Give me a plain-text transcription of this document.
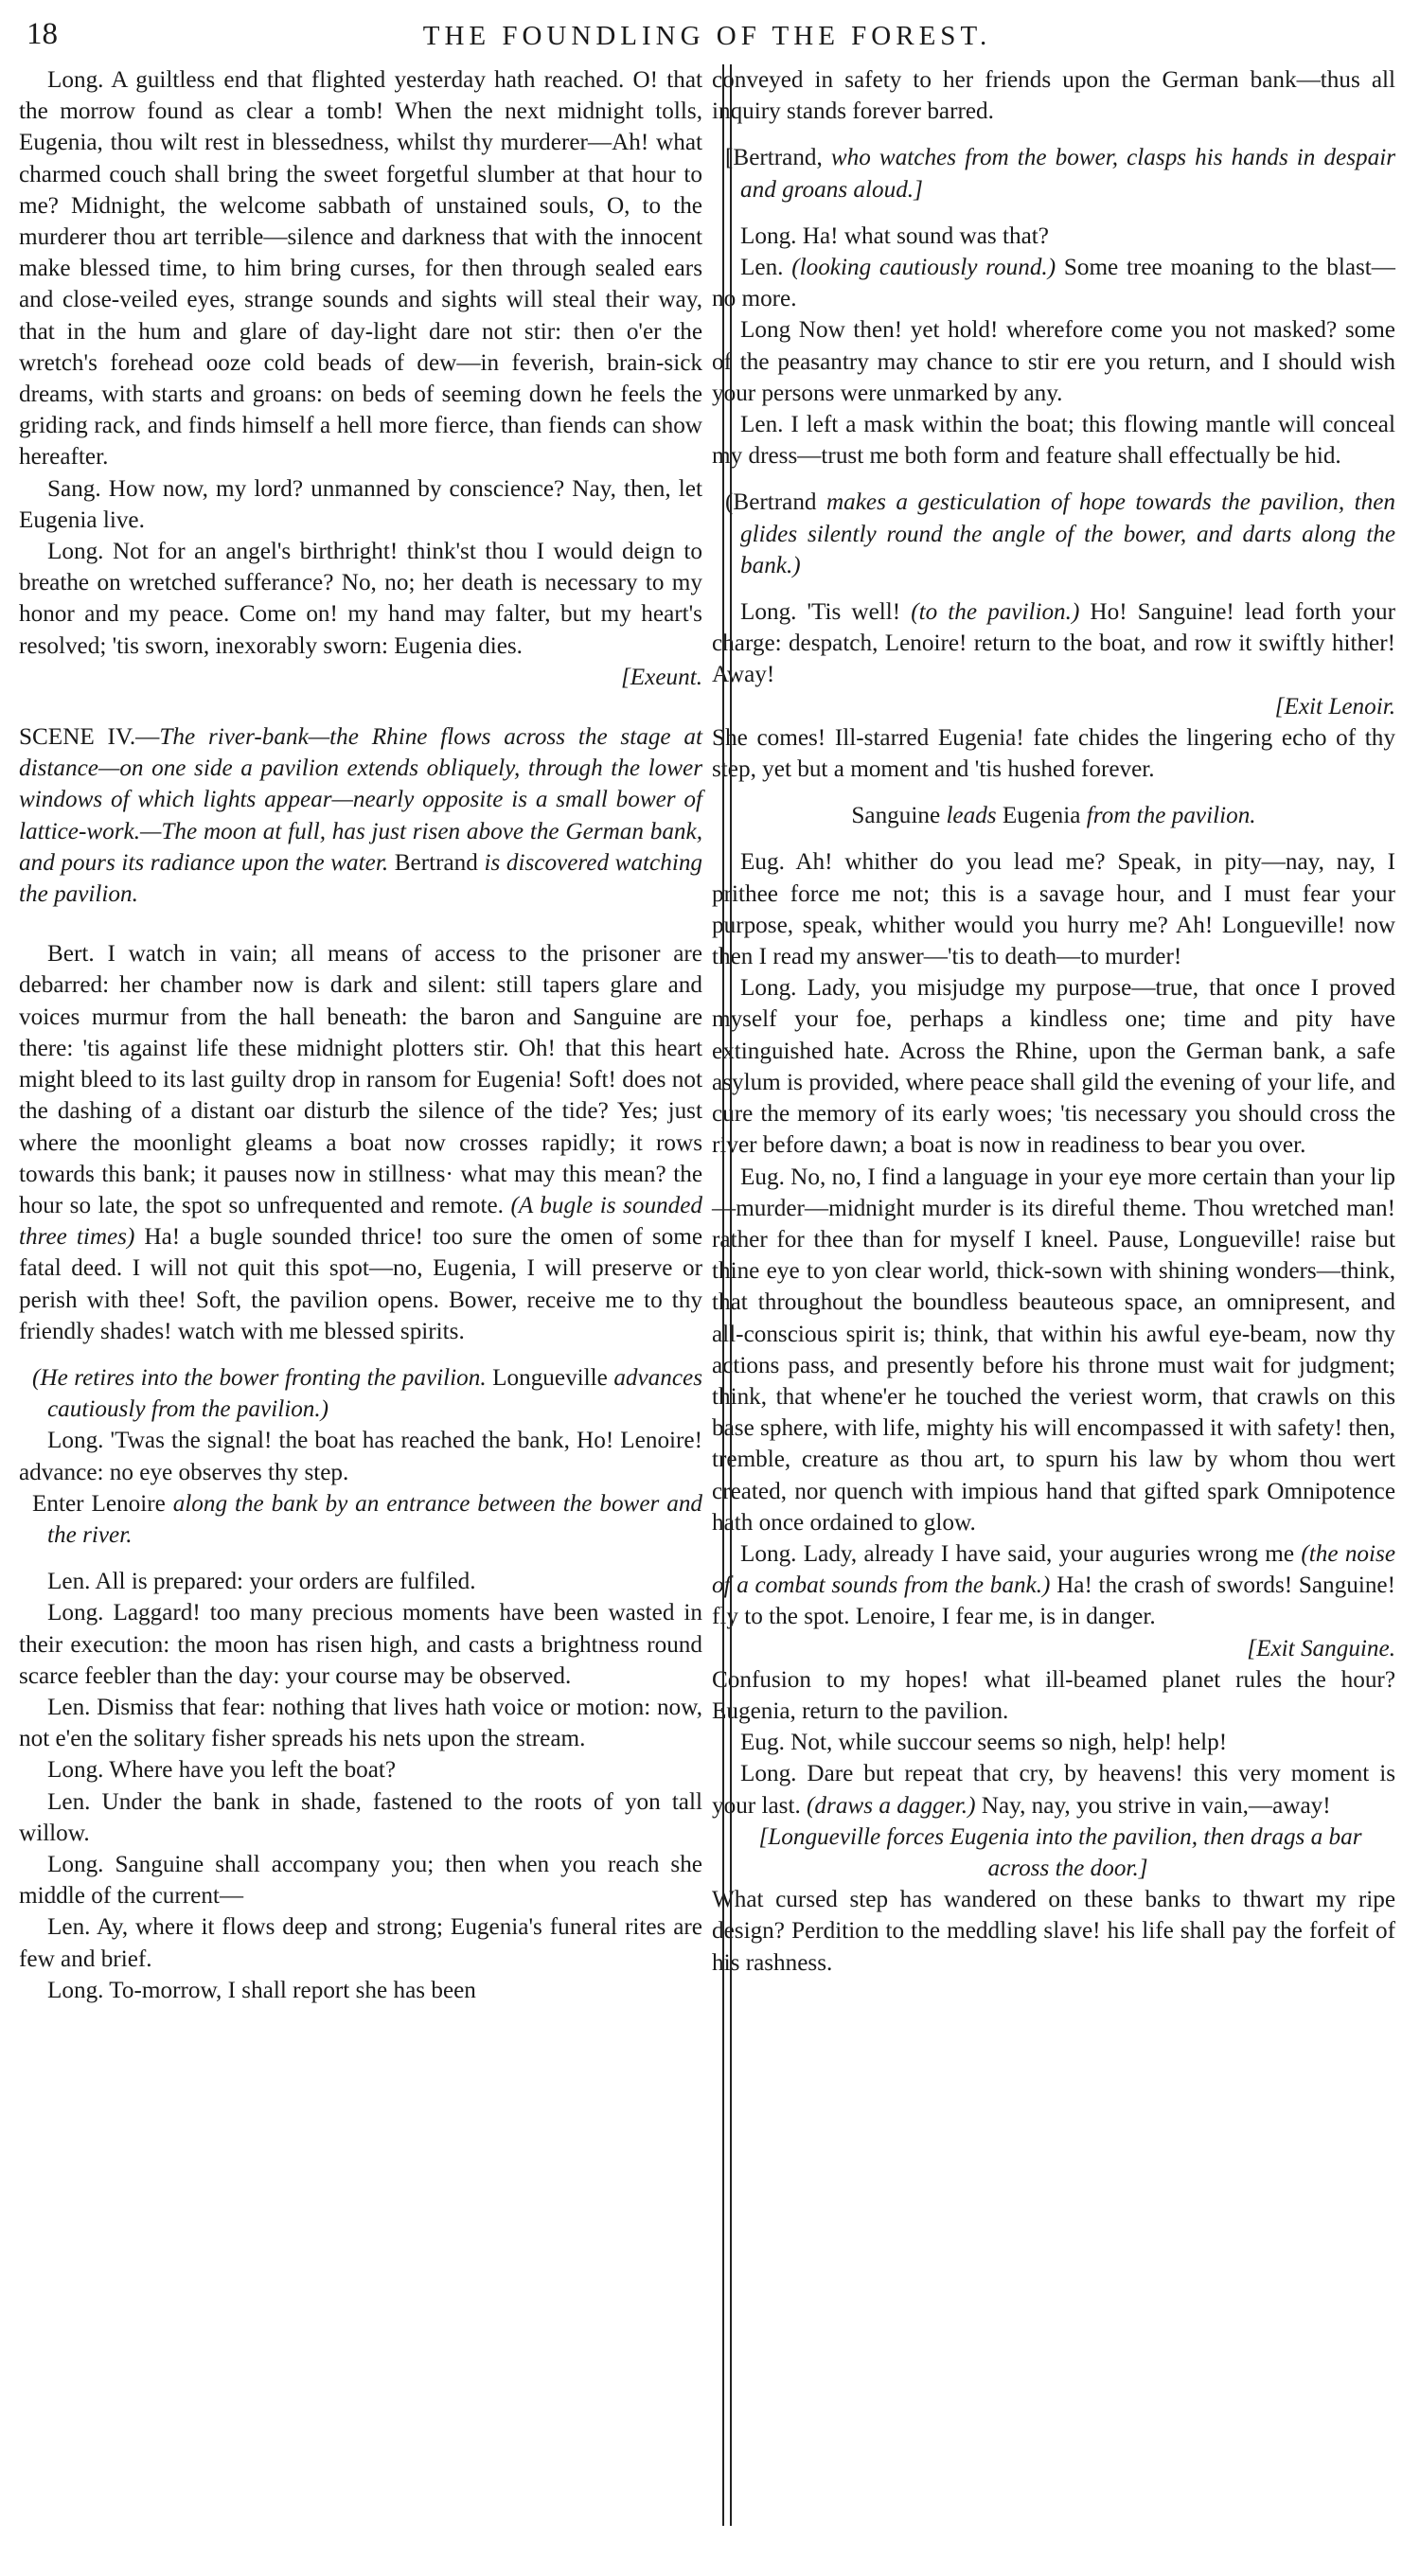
18	THE FOUNDLING OF THE FOREST.

Long. A guiltless end that flighted yesterday hath reached. O! that the morrow found as clear a tomb! When the next midnight tolls, Eugenia, thou wilt rest in blessedness, whilst thy murderer—Ah! what charmed couch shall bring the sweet forgetful slumber at that hour to me? Midnight, the welcome sabbath of unstained souls, O, to the murderer thou art terrible—silence and darkness that with the innocent make blessed time, to him bring curses, for then through sealed ears and close-veiled eyes, strange sounds and sights will steal their way, that in the hum and glare of day-light dare not stir: then o'er the wretch's forehead ooze cold beads of dew—in feverish, brain-sick dreams, with starts and groans: on beds of seeming down he feels the griding rack, and finds himself a hell more fierce, than fiends can show hereafter.

Sang. How now, my lord? unmanned by conscience? Nay, then, let Eugenia live.

Long. Not for an angel's birthright! think'st thou I would deign to breathe on wretched sufferance? No, no; her death is necessary to my honor and my peace. Come on! my hand may falter, but my heart's resolved; 'tis sworn, inexorably sworn: Eugenia dies.

[Exeunt.

SCENE IV.—The river-bank—the Rhine flows across the stage at distance—on one side a pavilion extends obliquely, through the lower windows of which lights appear—nearly opposite is a small bower of lattice-work.—The moon at full, has just risen above the German bank, and pours its radiance upon the water. Bertrand is discovered watching the pavilion.

Bert. I watch in vain; all means of access to the prisoner are debarred: her chamber now is dark and silent: still tapers glare and voices murmur from the hall beneath: the baron and Sanguine are there: 'tis against life these midnight plotters stir. Oh! that this heart might bleed to its last guilty drop in ransom for Eugenia! Soft! does not the dashing of a distant oar disturb the silence of the tide? Yes; just where the moonlight gleams a boat now crosses rapidly; it rows towards this bank; it pauses now in stillness· what may this mean? the hour so late, the spot so unfrequented and remote. (A bugle is sounded three times) Ha! a bugle sounded thrice! too sure the omen of some fatal deed. I will not quit this spot—no, Eugenia, I will preserve or perish with thee! Soft, the pavilion opens. Bower, receive me to thy friendly shades! watch with me blessed spirits.

(He retires into the bower fronting the pavilion. Longueville advances cautiously from the pavilion.)

Long. 'Twas the signal! the boat has reached the bank, Ho! Lenoire! advance: no eye observes thy step.

Enter Lenoire along the bank by an entrance between the bower and the river.

Len. All is prepared: your orders are fulfiled.

Long. Laggard! too many precious moments have been wasted in their execution: the moon has risen high, and casts a brightness round scarce feebler than the day: your course may be observed.

Len. Dismiss that fear: nothing that lives hath voice or motion: now, not e'en the solitary fisher spreads his nets upon the stream.

Long. Where have you left the boat?

Len. Under the bank in shade, fastened to the roots of yon tall willow.

Long. Sanguine shall accompany you; then when you reach she middle of the current—

Len. Ay, where it flows deep and strong; Eugenia's funeral rites are few and brief.

Long. To-morrow, I shall report she has been

conveyed in safety to her friends upon the German bank—thus all inquiry stands forever barred.

[Bertrand, who watches from the bower, clasps his hands in despair and groans aloud.]

Long. Ha! what sound was that?

Len. (looking cautiously round.) Some tree moaning to the blast—no more.

Long Now then! yet hold! wherefore come you not masked? some of the peasantry may chance to stir ere you return, and I should wish your persons were unmarked by any.

Len. I left a mask within the boat; this flowing mantle will conceal my dress—trust me both form and feature shall effectually be hid.

(Bertrand makes a gesticulation of hope towards the pavilion, then glides silently round the angle of the bower, and darts along the bank.)

Long. 'Tis well! (to the pavilion.) Ho! Sanguine! lead forth your charge: despatch, Lenoire! return to the boat, and row it swiftly hither! Away!

[Exit Lenoir.

She comes! Ill-starred Eugenia! fate chides the lingering echo of thy step, yet but a moment and 'tis hushed forever.

Sanguine leads Eugenia from the pavilion.

Eug. Ah! whither do you lead me? Speak, in pity—nay, nay, I prithee force me not; this is a savage hour, and I must fear your purpose, speak, whither would you hurry me? Ah! Longueville! now then I read my answer—'tis to death—to murder!

Long. Lady, you misjudge my purpose—true, that once I proved myself your foe, perhaps a kindless one; time and pity have extinguished hate. Across the Rhine, upon the German bank, a safe asylum is provided, where peace shall gild the evening of your life, and cure the memory of its early woes; 'tis necessary you should cross the river before dawn; a boat is now in readiness to bear you over.

Eug. No, no, I find a language in your eye more certain than your lip—murder—midnight murder is its direful theme. Thou wretched man! rather for thee than for myself I kneel. Pause, Longueville! raise but thine eye to yon clear world, thick-sown with shining wonders—think, that throughout the boundless beauteous space, an omnipresent, and all-conscious spirit is; think, that within his awful eye-beam, now thy actions pass, and presently before his throne must wait for judgment; think, that whene'er he touched the veriest worm, that crawls on this base sphere, with life, mighty his will encompassed it with safety! then, tremble, creature as thou art, to spurn his law by whom thou wert created, nor quench with impious hand that gifted spark Omnipotence hath once ordained to glow.

Long. Lady, already I have said, your auguries wrong me (the noise of a combat sounds from the bank.) Ha! the crash of swords! Sanguine! fly to the spot. Lenoire, I fear me, is in danger.

[Exit Sanguine.

Confusion to my hopes! what ill-beamed planet rules the hour? Eugenia, return to the pavilion.

Eug. Not, while succour seems so nigh, help! help!

Long. Dare but repeat that cry, by heavens! this very moment is your last. (draws a dagger.) Nay, nay, you strive in vain,—away!

[Longueville forces Eugenia into the pavilion, then drags a bar across the door.]

What cursed step has wandered on these banks to thwart my ripe design? Perdition to the meddling slave! his life shall pay the forfeit of his rashness.
